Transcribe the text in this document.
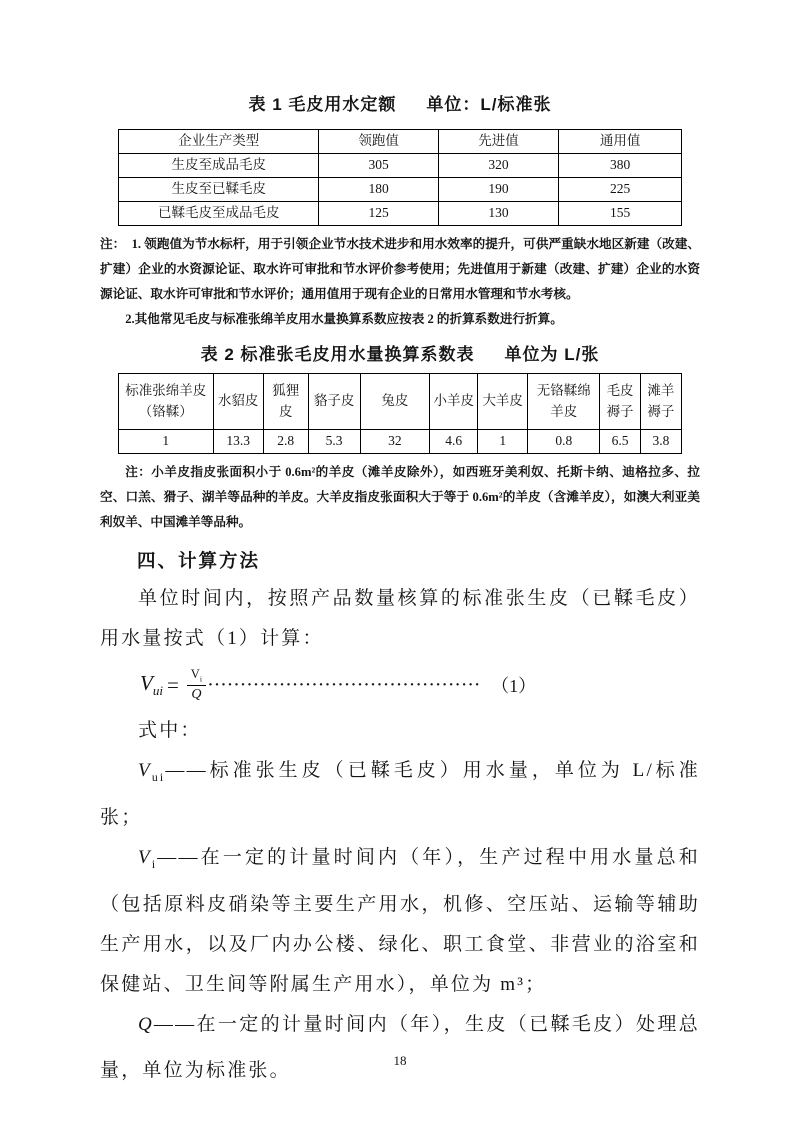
表 1 毛皮用水定额 单位：L/标准张
企业生产类型	领跑值	先进值	通用值
生皮至成品毛皮	305	320	380
生皮至已鞣毛皮	180	190	225
已鞣毛皮至成品毛皮	125	130	155

注：　1. 领跑值为节水标杆，用于引领企业节水技术进步和用水效率的提升，可供严重缺水地区新建（改建、扩建）企业的水资源论证、取水许可审批和节水评价参考使用；先进值用于新建（改建、扩建）企业的水资源论证、取水许可审批和节水评价；通用值用于现有企业的日常用水管理和节水考核。

2.其他常见毛皮与标准张绵羊皮用水量换算系数应按表 2 的折算系数进行折算。

表 2 标准张毛皮用水量换算系数表 单位为 L/张
标准张绵羊皮（铬鞣）	水貂皮	狐狸皮	貉子皮	兔皮	小羊皮	大羊皮	无铬鞣绵羊皮	毛皮褥子	滩羊褥子
1	13.3	2.8	5.3	32	4.6	1	0.8	6.5	3.8

注：小羊皮指皮张面积小于 0.6m²的羊皮（滩羊皮除外），如西班牙美利奴、托斯卡纳、迪格拉多、拉空、口羔、猾子、湖羊等品种的羊皮。大羊皮指皮张面积大于等于 0.6m²的羊皮（含滩羊皮），如澳大利亚美利奴羊、中国滩羊等品种。

四、计算方法

单位时间内，按照产品数量核算的标准张生皮（已鞣毛皮）用水量按式（1）计算：

$V_{ui} = \frac{V_i}{Q}$ ·········································· （1）

式中：

$V_{ui}——$标准张生皮（已鞣毛皮）用水量，单位为 L/标准张；

$V_i——$在一定的计量时间内（年），生产过程中用水量总和（包括原料皮硝染等主要生产用水，机修、空压站、运输等辅助生产用水，以及厂内办公楼、绿化、职工食堂、非营业的浴室和保健站、卫生间等附属生产用水），单位为 m³；

Q——在一定的计量时间内（年），生皮（已鞣毛皮）处理总量，单位为标准张。	18
